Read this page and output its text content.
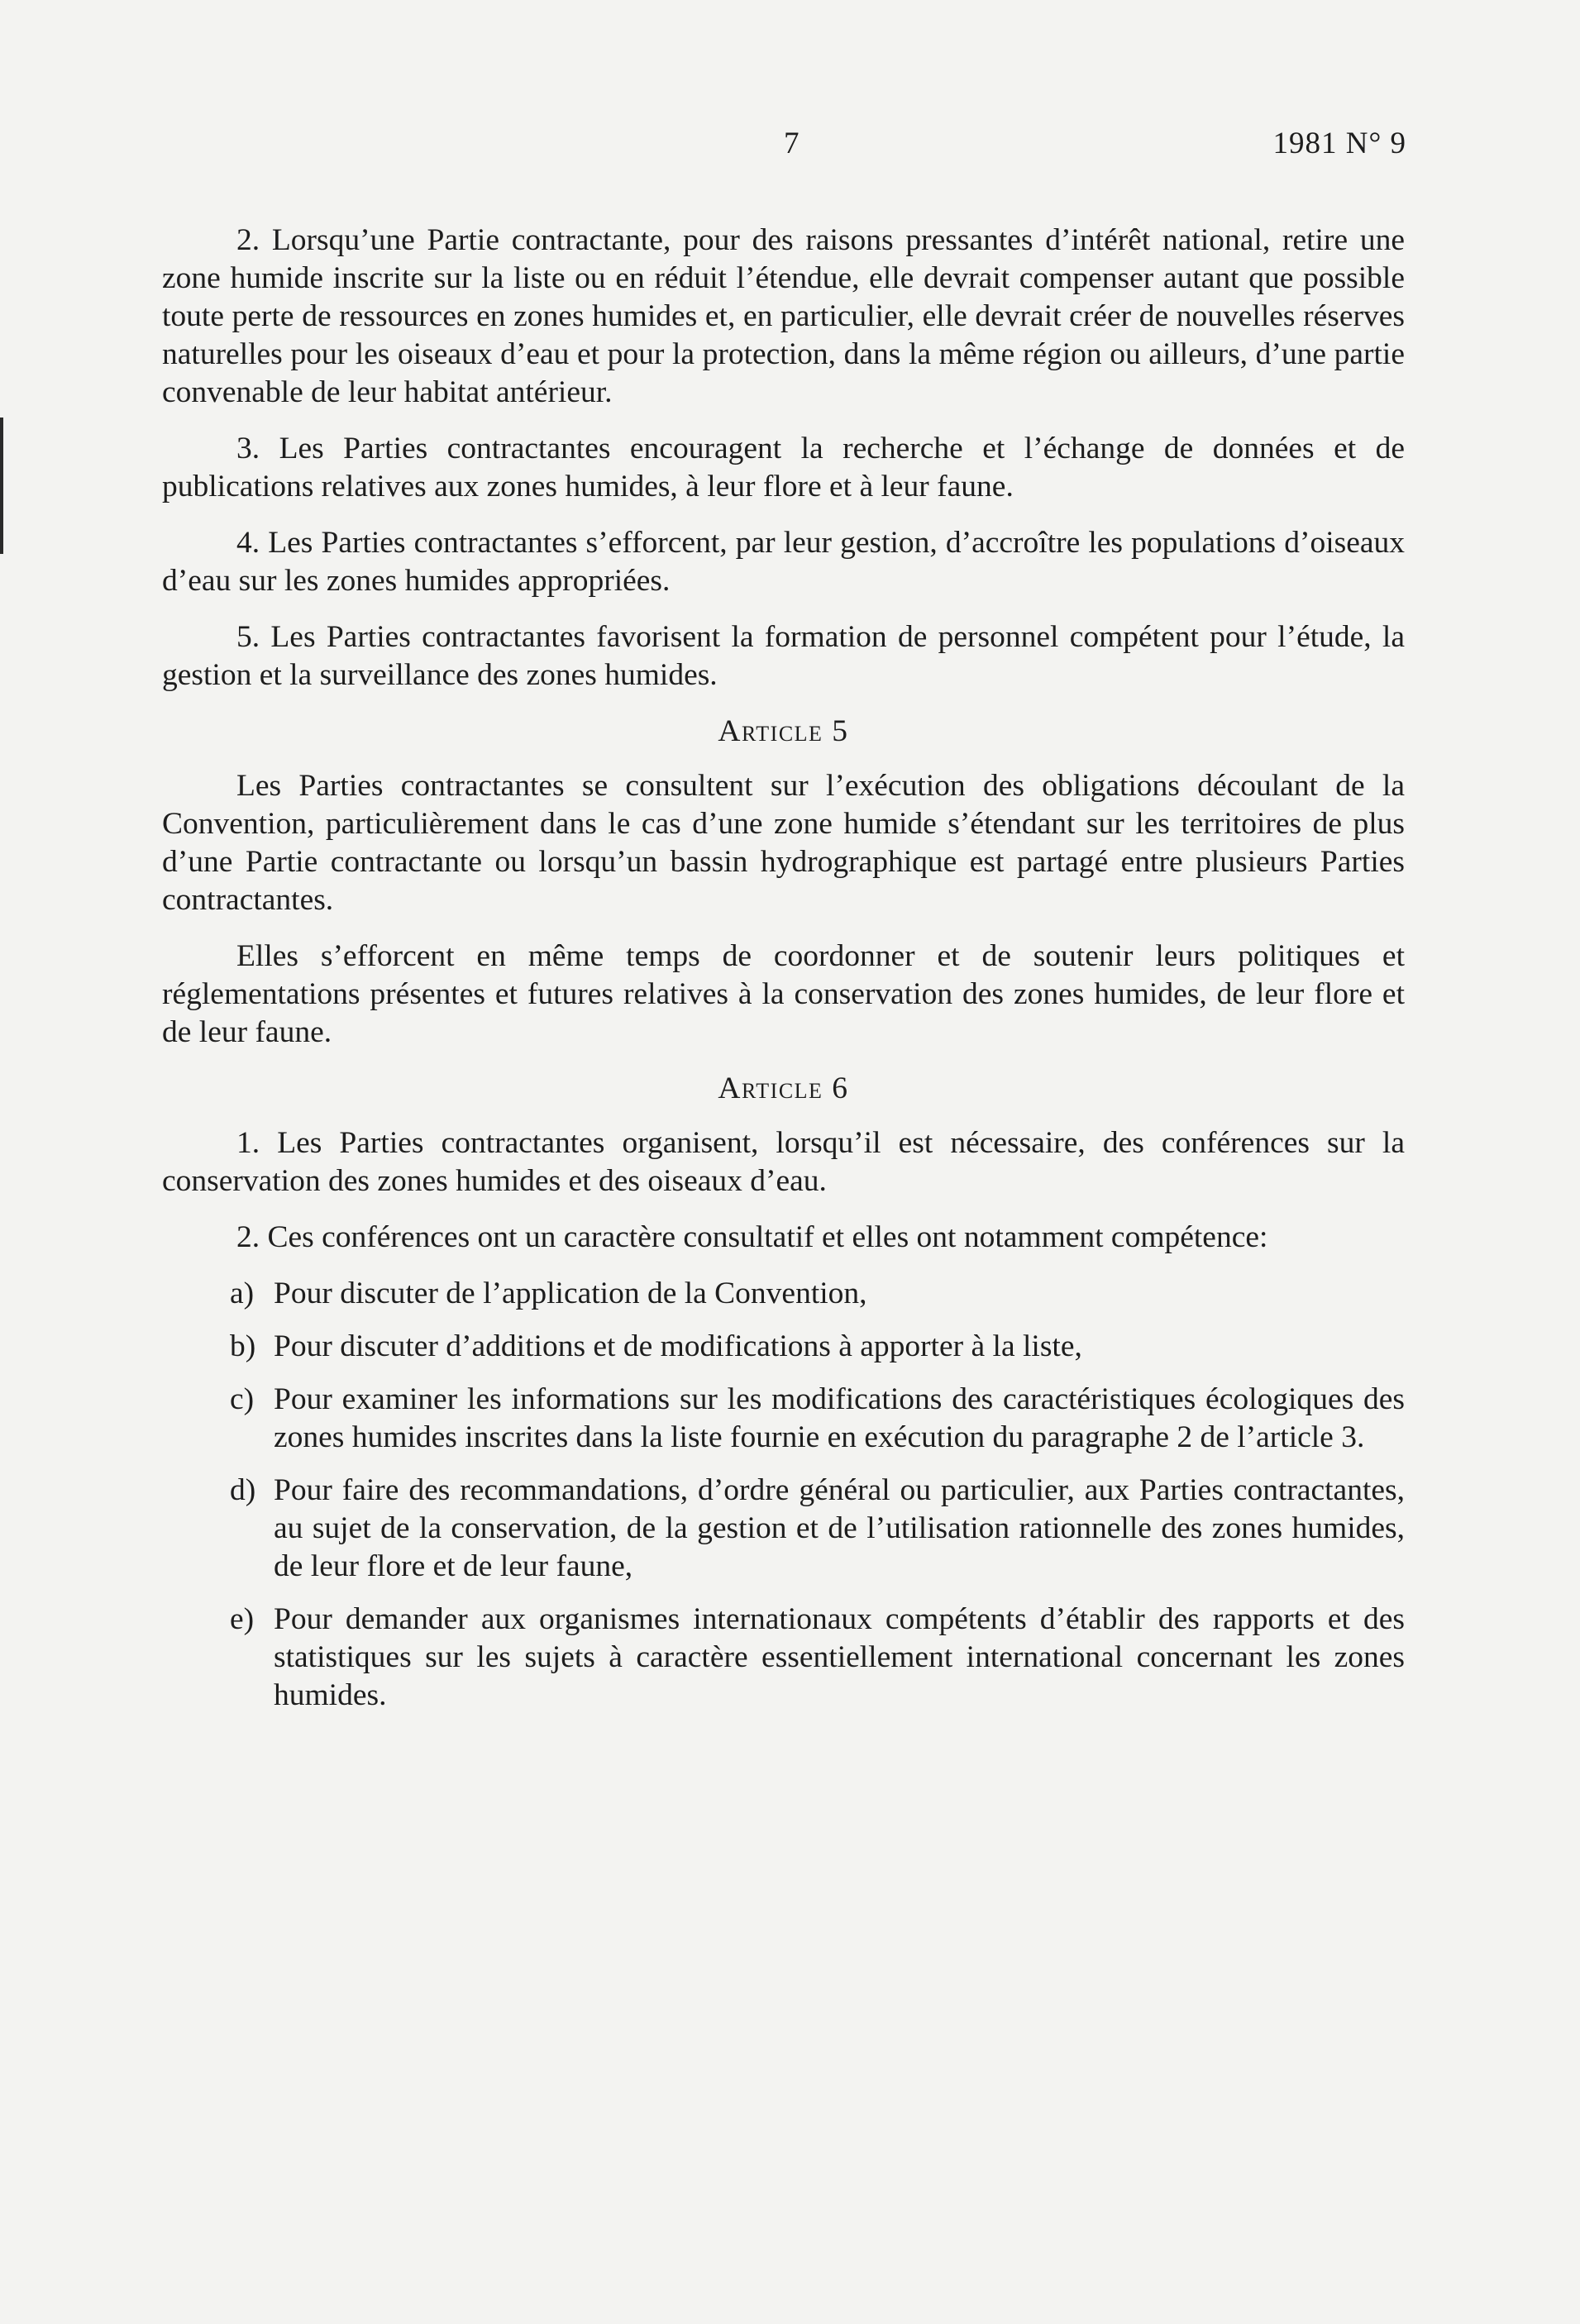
7	1981 N° 9

2. Lorsqu’une Partie contractante, pour des raisons pressantes d’intérêt national, retire une zone humide inscrite sur la liste ou en réduit l’étendue, elle devrait compenser autant que possible toute perte de ressources en zones humides et, en particulier, elle devrait créer de nouvelles réserves naturelles pour les oiseaux d’eau et pour la protection, dans la même région ou ailleurs, d’une partie convenable de leur habitat antérieur.

3. Les Parties contractantes encouragent la recherche et l’échange de données et de publications relatives aux zones humides, à leur flore et à leur faune.

4. Les Parties contractantes s’efforcent, par leur gestion, d’accroître les populations d’oiseaux d’eau sur les zones humides appropriées.

5. Les Parties contractantes favorisent la formation de personnel compétent pour l’étude, la gestion et la surveillance des zones humides.

Article 5

Les Parties contractantes se consultent sur l’exécution des obligations découlant de la Convention, particulièrement dans le cas d’une zone humide s’étendant sur les territoires de plus d’une Partie contractante ou lorsqu’un bassin hydrographique est partagé entre plusieurs Parties contractantes.

Elles s’efforcent en même temps de coordonner et de soutenir leurs politiques et réglementations présentes et futures relatives à la conservation des zones humides, de leur flore et de leur faune.

Article 6

1. Les Parties contractantes organisent, lorsqu’il est nécessaire, des conférences sur la conservation des zones humides et des oiseaux d’eau.

2. Ces conférences ont un caractère consultatif et elles ont notamment compétence:

a) Pour discuter de l’application de la Convention,
b) Pour discuter d’additions et de modifications à apporter à la liste,
c) Pour examiner les informations sur les modifications des caractéristiques écologiques des zones humides inscrites dans la liste fournie en exécution du paragraphe 2 de l’article 3.
d) Pour faire des recommandations, d’ordre général ou particulier, aux Parties contractantes, au sujet de la conservation, de la gestion et de l’utilisation rationnelle des zones humides, de leur flore et de leur faune,
e) Pour demander aux organismes internationaux compétents d’établir des rapports et des statistiques sur les sujets à caractère essentiellement international concernant les zones humides.
